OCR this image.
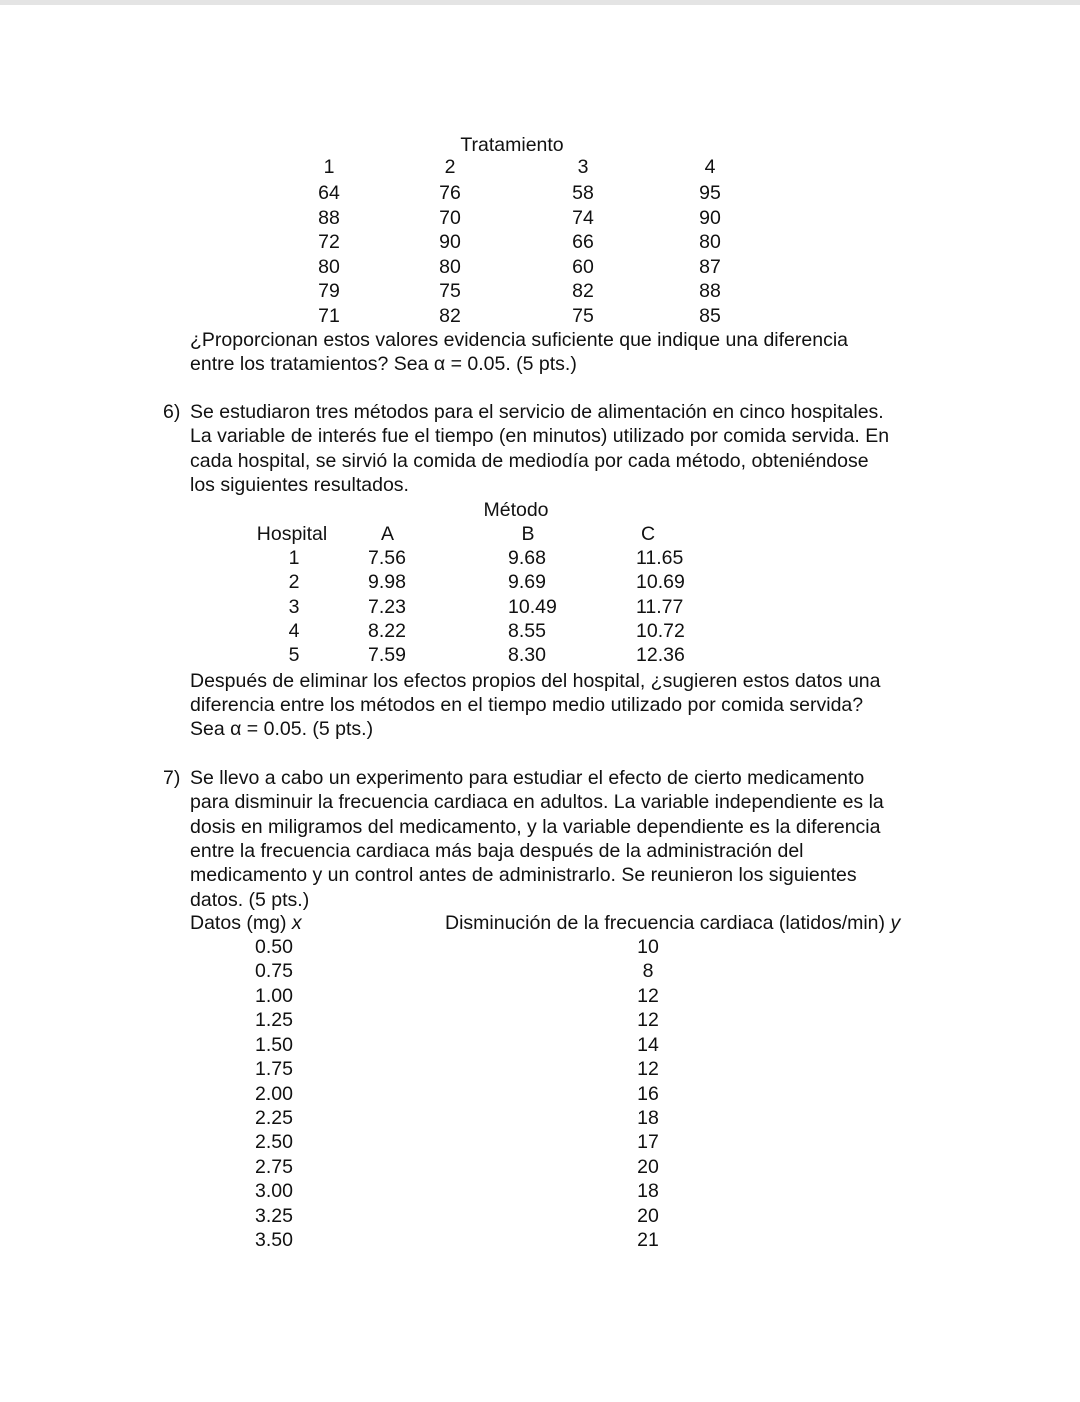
Tratamiento
1	2	3	4
64	76	58	95
88	70	74	90
72	90	66	80
80	80	60	87
79	75	82	88
71	82	75	85
¿Proporcionan estos valores evidencia suficiente que indique una diferencia
entre los tratamientos? Sea α = 0.05. (5 pts.)
6) Se estudiaron tres métodos para el servicio de alimentación en cinco hospitales.
La variable de interés fue el tiempo (en minutos) utilizado por comida servida. En
cada hospital, se sirvió la comida de mediodía por cada método, obteniéndose
los siguientes resultados.
Método
Hospital	A	B	C
1	7.56	9.68	11.65
2	9.98	9.69	10.69
3	7.23	10.49	11.77
4	8.22	8.55	10.72
5	7.59	8.30	12.36
Después de eliminar los efectos propios del hospital, ¿sugieren estos datos una
diferencia entre los métodos en el tiempo medio utilizado por comida servida?
Sea α = 0.05. (5 pts.)
7) Se llevo a cabo un experimento para estudiar el efecto de cierto medicamento
para disminuir la frecuencia cardiaca en adultos. La variable independiente es la
dosis en miligramos del medicamento, y la variable dependiente es la diferencia
entre la frecuencia cardiaca más baja después de la administración del
medicamento y un control antes de administrarlo. Se reunieron los siguientes
datos. (5 pts.)
Datos (mg) x	Disminución de la frecuencia cardiaca (latidos/min) y
0.50	10
0.75	8
1.00	12
1.25	12
1.50	14
1.75	12
2.00	16
2.25	18
2.50	17
2.75	20
3.00	18
3.25	20
3.50	21
